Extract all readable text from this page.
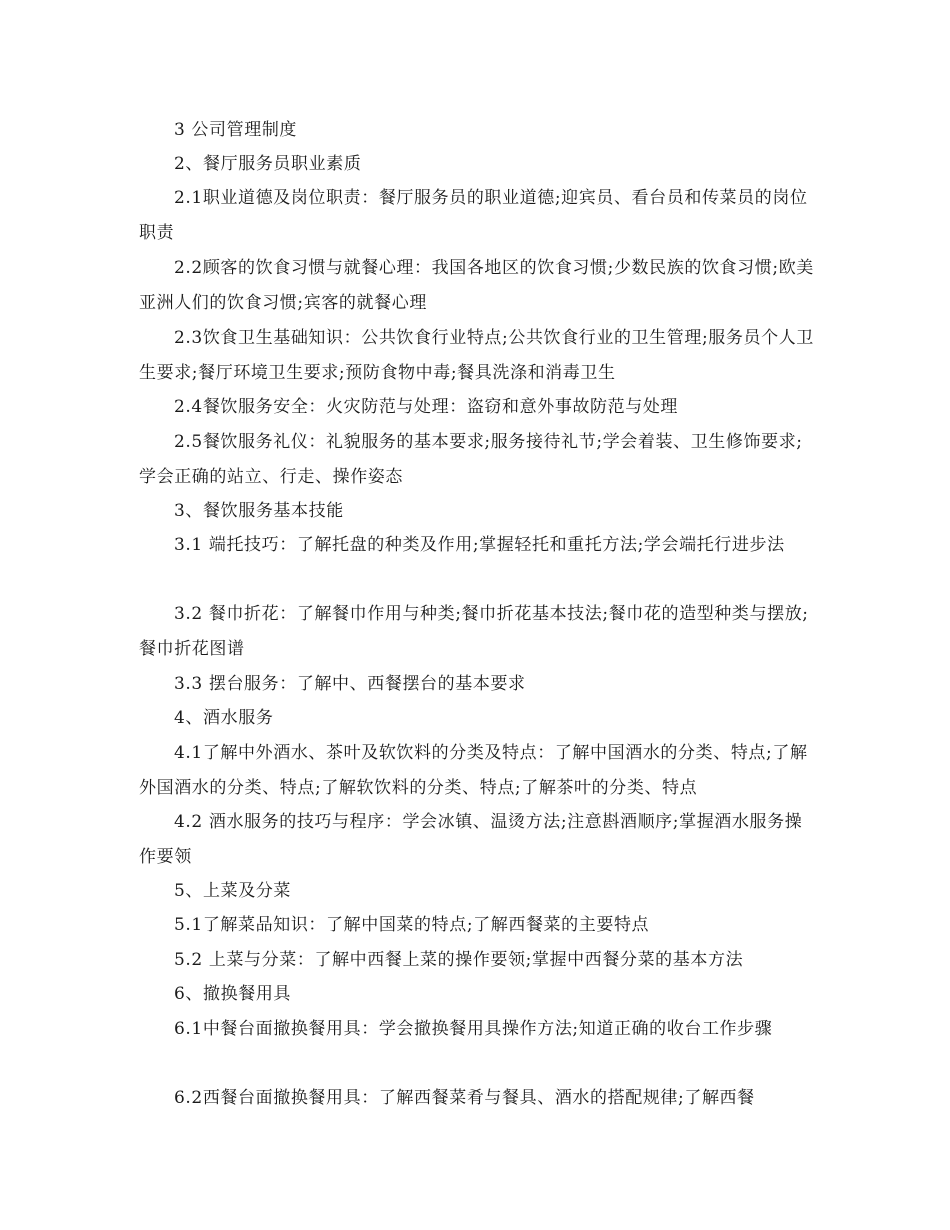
3 公司管理制度

2、餐厅服务员职业素质

2.1职业道德及岗位职责：餐厅服务员的职业道德;迎宾员、看台员和传菜员的岗位职责

2.2顾客的饮食习惯与就餐心理：我国各地区的饮食习惯;少数民族的饮食习惯;欧美亚洲人们的饮食习惯;宾客的就餐心理

2.3饮食卫生基础知识：公共饮食行业特点;公共饮食行业的卫生管理;服务员个人卫生要求;餐厅环境卫生要求;预防食物中毒;餐具洗涤和消毒卫生

2.4餐饮服务安全：火灾防范与处理：盗窃和意外事故防范与处理

2.5餐饮服务礼仪：礼貌服务的基本要求;服务接待礼节;学会着装、卫生修饰要求; 学会正确的站立、行走、操作姿态

3、餐饮服务基本技能

3.1 端托技巧：了解托盘的种类及作用;掌握轻托和重托方法;学会端托行进步法

3.2 餐巾折花：了解餐巾作用与种类;餐巾折花基本技法;餐巾花的造型种类与摆放; 餐巾折花图谱

3.3 摆台服务：了解中、西餐摆台的基本要求

4、酒水服务

4.1了解中外酒水、茶叶及软饮料的分类及特点：了解中国酒水的分类、特点;了解外国酒水的分类、特点;了解软饮料的分类、特点;了解茶叶的分类、特点

4.2 酒水服务的技巧与程序：学会冰镇、温烫方法;注意斟酒顺序;掌握酒水服务操作要领

5、上菜及分菜

5.1了解菜品知识：了解中国菜的特点;了解西餐菜的主要特点

5.2 上菜与分菜：了解中西餐上菜的操作要领;掌握中西餐分菜的基本方法

6、撤换餐用具

6.1中餐台面撤换餐用具：学会撤换餐用具操作方法;知道正确的收台工作步骤

6.2西餐台面撤换餐用具：了解西餐菜肴与餐具、酒水的搭配规律;了解西餐
